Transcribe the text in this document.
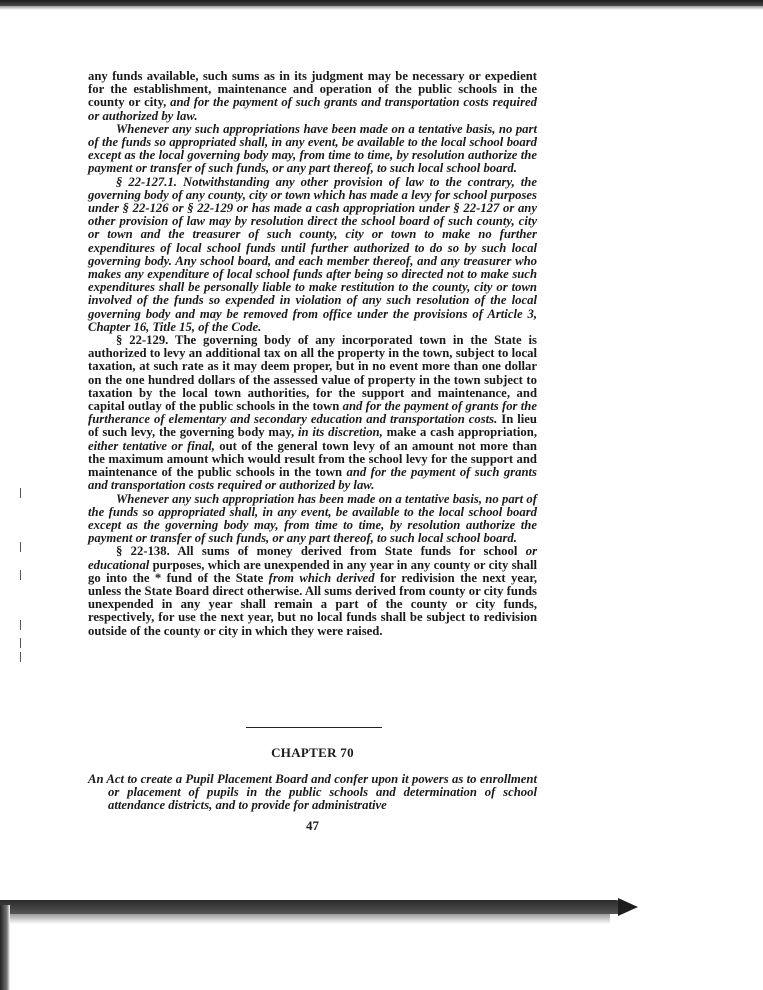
any funds available, such sums as in its judgment may be necessary or expedient for the establishment, maintenance and operation of the public schools in the county or city, and for the payment of such grants and transportation costs required or authorized by law.

Whenever any such appropriations have been made on a tentative basis, no part of the funds so appropriated shall, in any event, be available to the local school board except as the local governing body may, from time to time, by resolution authorize the payment or transfer of such funds, or any part thereof, to such local school board.

§ 22-127.1. Notwithstanding any other provision of law to the contrary, the governing body of any county, city or town which has made a levy for school purposes under § 22-126 or § 22-129 or has made a cash appropriation under § 22-127 or any other provision of law may by resolution direct the school board of such county, city or town and the treasurer of such county, city or town to make no further expenditures of local school funds until further authorized to do so by such local governing body. Any school board, and each member thereof, and any treasurer who makes any expenditure of local school funds after being so directed not to make such expenditures shall be personally liable to make restitution to the county, city or town involved of the funds so expended in violation of any such resolution of the local governing body and may be removed from office under the provisions of Article 3, Chapter 16, Title 15, of the Code.

§ 22-129. The governing body of any incorporated town in the State is authorized to levy an additional tax on all the property in the town, subject to local taxation, at such rate as it may deem proper, but in no event more than one dollar on the one hundred dollars of the assessed value of property in the town subject to taxation by the local town authorities, for the support and maintenance, and capital outlay of the public schools in the town and for the payment of grants for the furtherance of elementary and secondary education and transportation costs. In lieu of such levy, the governing body may, in its discretion, make a cash appropriation, either tentative or final, out of the general town levy of an amount not more than the maximum amount which would result from the school levy for the support and maintenance of the public schools in the town and for the payment of such grants and transportation costs required or authorized by law.

Whenever any such appropriation has been made on a tentative basis, no part of the funds so appropriated shall, in any event, be available to the local school board except as the governing body may, from time to time, by resolution authorize the payment or transfer of such funds, or any part thereof, to such local school board.

§ 22-138. All sums of money derived from State funds for school or educational purposes, which are unexpended in any year in any county or city shall go into the * fund of the State from which derived for redivision the next year, unless the State Board direct otherwise. All sums derived from county or city funds unexpended in any year shall remain a part of the county or city funds, respectively, for use the next year, but no local funds shall be subject to redivision outside of the county or city in which they were raised.

CHAPTER 70

An Act to create a Pupil Placement Board and confer upon it powers as to enrollment or placement of pupils in the public schools and determination of school attendance districts, and to provide for administrative

47
